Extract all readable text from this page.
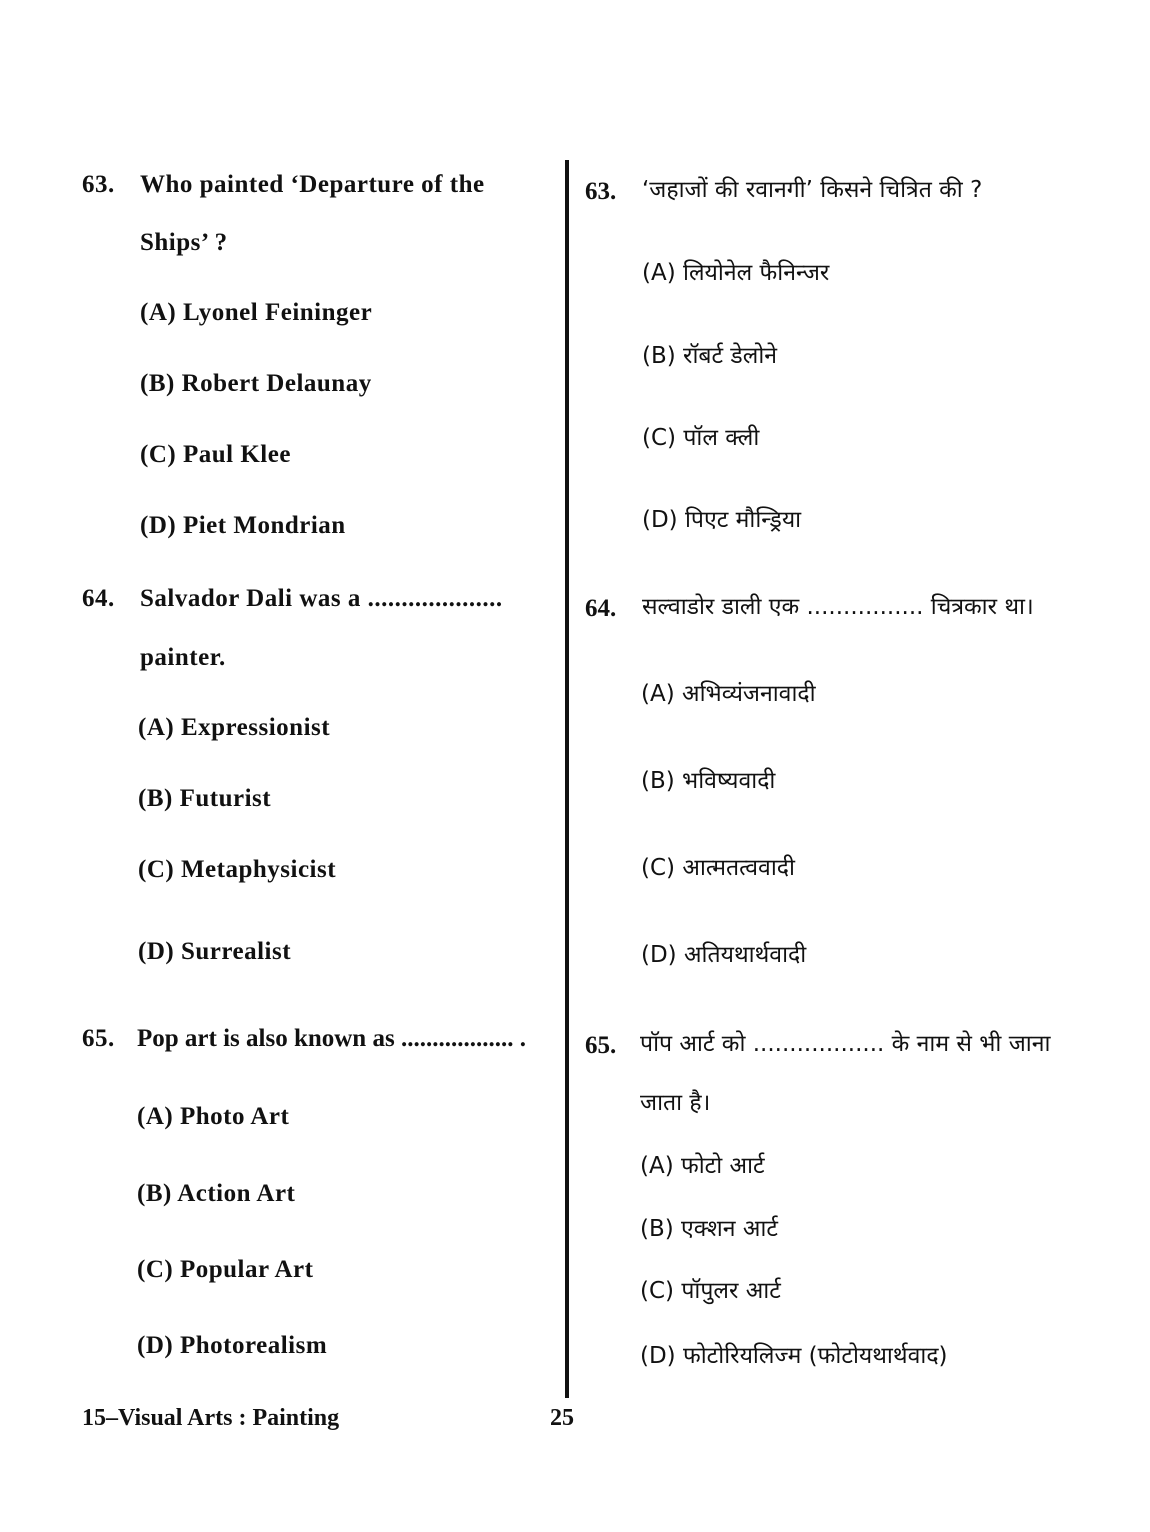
63. Who painted ‘Departure of the
Ships’ ?
(A) Lyonel Feininger
(B) Robert Delaunay
(C) Paul Klee
(D) Piet Mondrian
64. Salvador Dali was a ....................
painter.
(A) Expressionist
(B) Futurist
(C) Metaphysicist
(D) Surrealist
65. Pop art is also known as .................. .
(A) Photo Art
(B) Action Art
(C) Popular Art
(D) Photorealism
63. ‘जहाजों की रवानगी’ किसने चित्रित की ?
(A) लियोनेल फैनिन्जर
(B) रॉबर्ट डेलोने
(C) पॉल क्ली
(D) पिएट मौन्ड्रिया
64. सल्वाडोर डाली एक ................ चित्रकार था।
(A) अभिव्यंजनावादी
(B) भविष्यवादी
(C) आत्मतत्ववादी
(D) अतियथार्थवादी
65. पॉप आर्ट को .................. के नाम से भी जाना
जाता है।
(A) फोटो आर्ट
(B) एक्शन आर्ट
(C) पॉपुलर आर्ट
(D) फोटोरियलिज्म (फोटोयथार्थवाद)
15–Visual Arts : Painting	25
